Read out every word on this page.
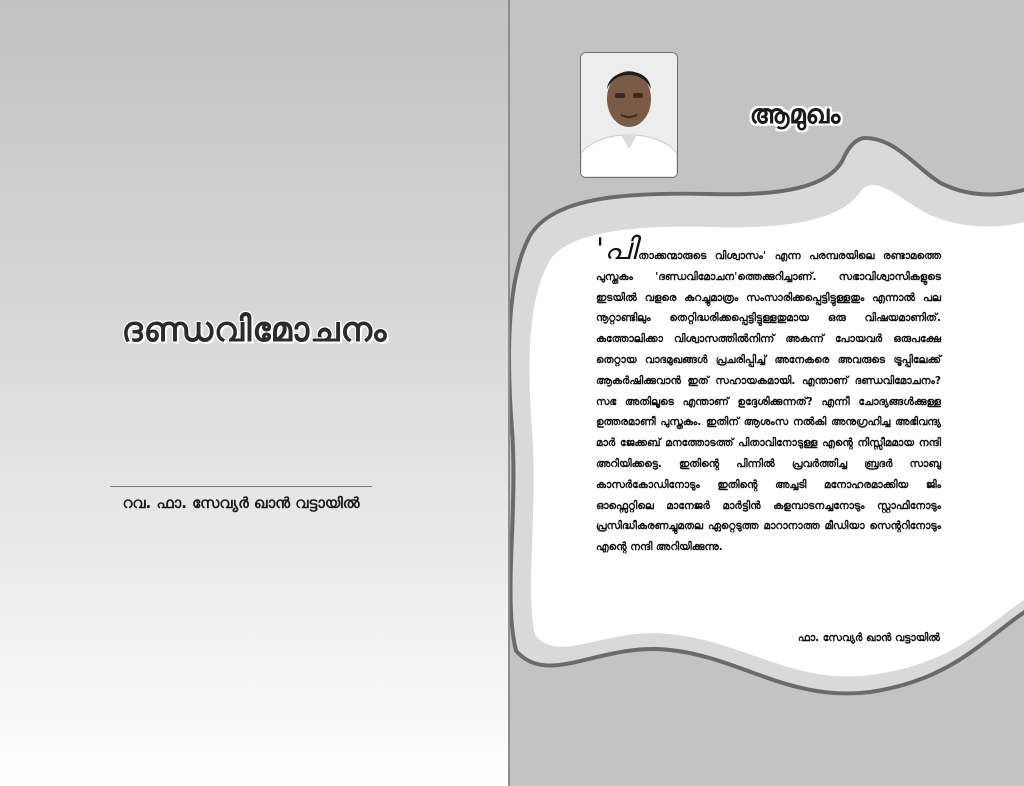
ദണ്ഡവിമോചനം
റവ. ഫാ. സേവ്യര്‍ ഖാന്‍ വട്ടായില്‍
ആമുഖം
'പിതാക്കന്മാരുടെ വിശ്വാസം' എന്ന പരമ്പരയിലെ രണ്ടാമത്തെ പുസ്തകം 'ദണ്ഡവിമോചന'ത്തെക്കുറിച്ചാണ്. സഭാവിശ്വാസികളുടെ ഇടയില്‍ വളരെ കുറച്ചുമാത്രം സംസാരിക്കപ്പെട്ടിട്ടുള്ളതും എന്നാല്‍ പല നൂറ്റാണ്ടിലും തെറ്റിദ്ധരിക്കപ്പെട്ടിട്ടുള്ളതുമായ ഒരു വിഷയമാണിത്. കത്തോലിക്കാ വിശ്വാസത്തില്‍നിന്ന് അകന്ന് പോയവര്‍ ഒരുപക്ഷേ തെറ്റായ വാദമുഖങ്ങള്‍ പ്രചരിപ്പിച്ച് അനേകരെ അവരുടെ ട്രൂപ്പിലേക്ക് ആകര്‍ഷിക്കുവാന്‍ ഇത് സഹായകമായി. എന്താണ് ദണ്ഡവിമോചനം? സഭ അതിലൂടെ എന്താണ് ഉദ്ദേശിക്കുന്നത്? എന്നീ ചോദ്യങ്ങള്‍ക്കുള്ള ഉത്തരമാണീ പുസ്തകം. ഇതിന് ആശംസ നല്‍കി അനുഗ്രഹിച്ച അഭിവന്ദ്യ മാര്‍ ജേക്കബ് മനത്തോടത്ത് പിതാവിനോടുള്ള എന്റെ നിസ്സീമമായ നന്ദി അറിയിക്കട്ടെ. ഇതിന്റെ പിന്നില്‍ പ്രവര്‍ത്തിച്ച ബ്രദര്‍ സാബു കാസര്‍കോഡിനോടും ഇതിന്റെ അച്ചടി മനോഹരമാക്കിയ ജിം ഓഫ്സെറ്റിലെ മാനേജര്‍ മാര്‍ട്ടിന്‍ കളമ്പാടനച്ചനോടും സ്റ്റാഫിനോടും പ്രസിദ്ധീകരണച്ചുമതല ഏറ്റെടുത്ത മാറാനാത്ത മീഡിയാ സെന്ററിനോടും എന്റെ നന്ദി അറിയിക്കുന്നു.
ഫാ. സേവ്യര്‍ ഖാന്‍ വട്ടായില്‍
